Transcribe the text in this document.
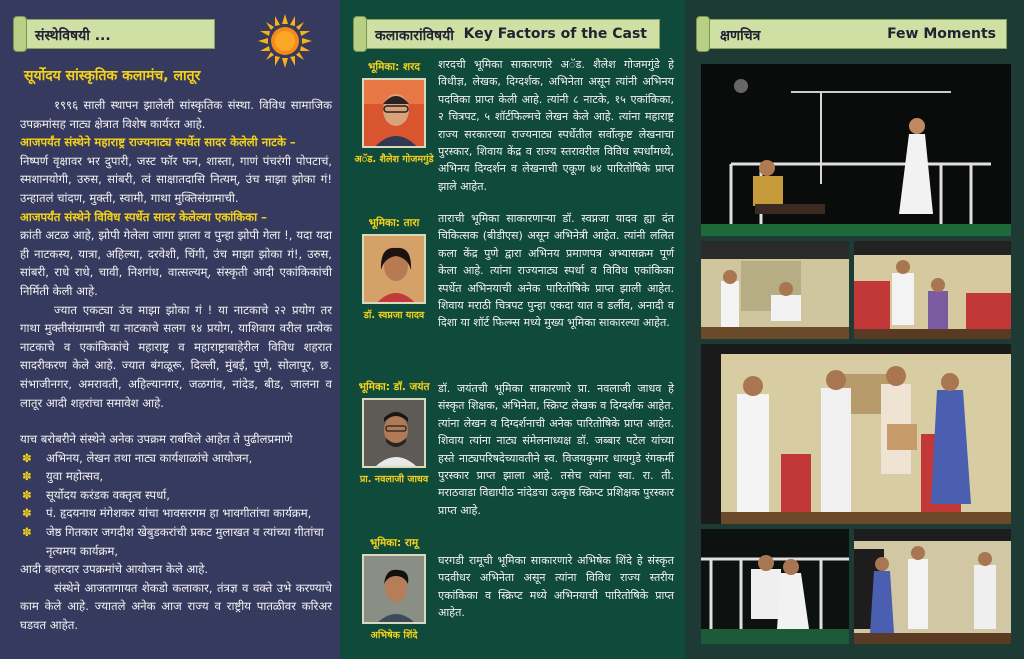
संस्थेविषयी ...
सूर्योदय सांस्कृतिक कलामंच, लातूर

१९९६ साली स्थापन झालेली सांस्कृतिक संस्था. विविध सामाजिक उपक्रमांसह नाट्य क्षेत्रात विशेष कार्यरत आहे.

आजपर्यंत संस्थेने महाराष्ट्र राज्यनाट्य स्पर्धेत सादर केलेली नाटके –

निष्पर्ण वृक्षावर भर दुपारी, जस्ट फॉर फन, शास्ता, गाणं पंचरंगी पोपटाचं, स्मशानयोगी, उरुस, सांबरी, त्वं साक्षातदासि नित्यम्, उंच माझा झोका गं! उन्हातलं चांदण, मुक्ती, स्वामी, गाथा मुक्तिसंग्रामाची.

आजपर्यंत संस्थेने विविध स्पर्धेत सादर केलेल्या एकांकिका –

क्रांती अटळ आहे, झोपी गेलेला जागा झाला व पुन्हा झोपी गेला !, यदा यदा ही नाटकस्य, यात्रा, अहिल्या, दरवेशी, चिंगी, उंच माझा झोका गं!, उरुस, सांबरी, राधे राधे, चावी, निशगंध, वात्सल्यम्, संस्कृती आदी एकांकिकांची निर्मिती केली आहे.

ज्यात एकट्या उंच माझा झोका गं ! या नाटकाचे २२ प्रयोग तर गाथा मुक्तीसंग्रामाची या नाटकाचे सलग १४ प्रयोग, याशिवाय वरील प्रत्येक नाटकाचे व एकांकिकांचे महाराष्ट्र व महाराष्ट्राबाहेरील विविध शहरात सादरीकरण केले आहे. ज्यात बंगळूरू, दिल्ली, मुंबई, पुणे, सोलापूर, छ. संभाजीनगर, अमरावती, अहिल्यानगर, जळगांव, नांदेड, बीड, जालना व लातूर आदी शहरांचा समावेश आहे.

याच बरोबरीने संस्थेने अनेक उपक्रम राबविले आहेत ते पुढीलप्रमाणे

✽ अभिनय, लेखन तथा नाट्य कार्यशाळांचे आयोजन,
✽ युवा महोत्सव,
✽ सूर्योदय करंडक वक्तृत्व स्पर्धा,
✽ पं. हृदयनाथ मंगेशकर यांचा भावसरगम हा भावगीतांचा कार्यक्रम,
✽ जेष्ठ गितकार जगदीश खेबुडकरांची प्रकट मुलाखत व त्यांच्या गीतांचा नृत्यमय कार्यक्रम,

आदी बहारदार उपक्रमांचे आयोजन केले आहे.

संस्थेने आजतागायत शेकडो कलाकार, तंत्रज्ञ व वक्ते उभे करण्याचे काम केले आहे. ज्यातले अनेक आज राज्य व राष्ट्रीय पातळीवर करिअर घडवत आहेत.

कलाकारांविषयी Key Factors of the Cast
भूमिका: शरद
अॅड. शैलेश गोजमगुंडे

शरदची भूमिका साकारणारे अॅड. शैलेश गोजमगुंडे हे विधीज्ञ, लेखक, दिग्दर्शक, अभिनेता असून त्यांनी अभिनय पदविका प्राप्त केली आहे. त्यांनी ८ नाटके, १५ एकांकिका, २ चित्रपट, ५ शॉर्टफिल्मचे लेखन केले आहे. त्यांना महाराष्ट्र राज्य सरकारच्या राज्यनाट्य स्पर्धेतील सर्वोत्कृष्ट लेखनाचा पुरस्कार, शिवाय केंद्र व राज्य स्तरावरील विविध स्पर्धांमध्ये, अभिनय दिग्दर्शन व लेखनाची एकूण ७४ पारितोषिके प्राप्त झाले आहेत.

भूमिका: तारा
डॉ. स्वप्नजा यादव

ताराची भूमिका साकारणाऱ्या डॉ. स्वप्नजा यादव ह्या दंत चिकित्सक (बीडीएस) असून अभिनेत्री आहेत. त्यांनी ललित कला केंद्र पुणे द्वारा अभिनय प्रमाणपत्र अभ्यासक्रम पूर्ण केला आहे. त्यांना राज्यनाट्य स्पर्धा व विविध एकांकिका स्पर्धेत अभिनयाची अनेक पारितोषिके प्राप्त झाली आहेत. शिवाय मराठी चित्रपट पुन्हा एकदा यात व डर्लीव, अनादी व दिशा या शॉर्ट फिल्म्स मध्ये मुख्य भूमिका साकारल्या आहेत.

भूमिका: डॉ. जयंत
प्रा. नवलाजी जाधव

डॉ. जयंतची भूमिका साकारणारे प्रा. नवलाजी जाधव हे संस्कृत शिक्षक, अभिनेता, स्क्रिप्ट लेखक व दिग्दर्शक आहेत. त्यांना लेखन व दिग्दर्शनाची अनेक पारितोषिके प्राप्त आहेत. शिवाय त्यांना नाट्य संमेलनाध्यक्ष डॉ. जब्बार पटेल यांच्या हस्ते नाट्यपरिषदेच्यावतीने स्व. विजयकुमार धायगुडे रंगकर्मी पुरस्कार प्राप्त झाला आहे. तसेच त्यांना स्वा. रा. ती. मराठवाडा विद्यापीठ नांदेडचा उत्कृष्ठ स्क्रिप्ट प्रशिक्षक पुरस्कार प्राप्त आहे.

भूमिका: रामू
अभिषेक शिंदे

घरगडी रामूची भूमिका साकारणारे अभिषेक शिंदे हे संस्कृत पदवीधर अभिनेता असून त्यांना विविध राज्य स्तरीय एकांकिका व स्क्रिप्ट मध्ये अभिनयाची पारितोषिके प्राप्त आहेत.

क्षणचित्र	Few Moments
